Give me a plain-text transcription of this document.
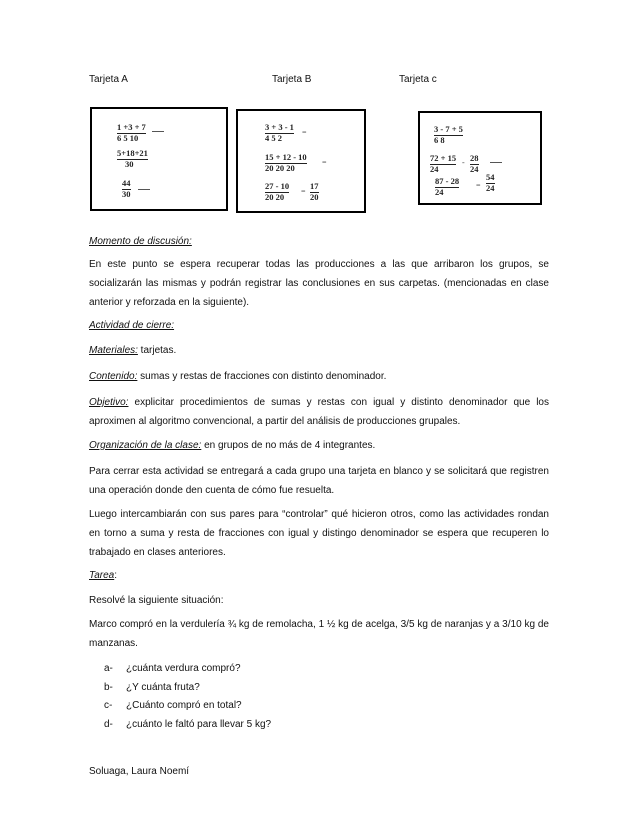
Tarjeta A	Tarjeta B	Tarjeta c
$\frac{1 +3 + 7}{6 5 10}$
$\frac{5+18+21}{30}$
$\frac{44}{30}$
$\frac{3 + 3 - 1}{4 5 2}$ =
$\frac{15 + 12 - 10}{20 20 20}$ =
$\frac{27 - 10}{20 20} = \frac{17}{20}$
$\frac{3 - 7 + 5}{6 8}$
$\frac{72 + 15}{24} - \frac{28}{24}$
$\frac{87 - 28}{24} = \frac{54}{24}$
Momento de discusión:
En este punto se espera recuperar todas las producciones a las que arribaron los grupos, se socializarán las mismas y podrán registrar las conclusiones en sus carpetas. (mencionadas en clase anterior y reforzada en la siguiente).
Actividad de cierre:
Materiales: tarjetas.
Contenido: sumas y restas de fracciones con distinto denominador.
Objetivo: explicitar procedimientos de sumas y restas con igual y distinto denominador que los aproximen al algoritmo convencional, a partir del análisis de producciones grupales.
Organización de la clase: en grupos de no más de 4 integrantes.
Para cerrar esta actividad se entregará a cada grupo una tarjeta en blanco y se solicitará que registren una operación donde den cuenta de cómo fue resuelta.
Luego intercambiarán con sus pares para “controlar” qué hicieron otros, como las actividades rondan en torno a suma y resta de fracciones con igual y distingo denominador se espera que recuperen lo trabajado en clases anteriores.
Tarea:
Resolvé la siguiente situación:
Marco compró en la verdulería ¾ kg de remolacha, 1 ½ kg de acelga, 3/5 kg de naranjas y a 3/10 kg de manzanas.
a-	¿cuánta verdura compró?
b-	¿Y cuánta fruta?
c-	¿Cuánto compró en total?
d-	¿cuánto le faltó para llevar 5 kg?
Soluaga, Laura Noemí
